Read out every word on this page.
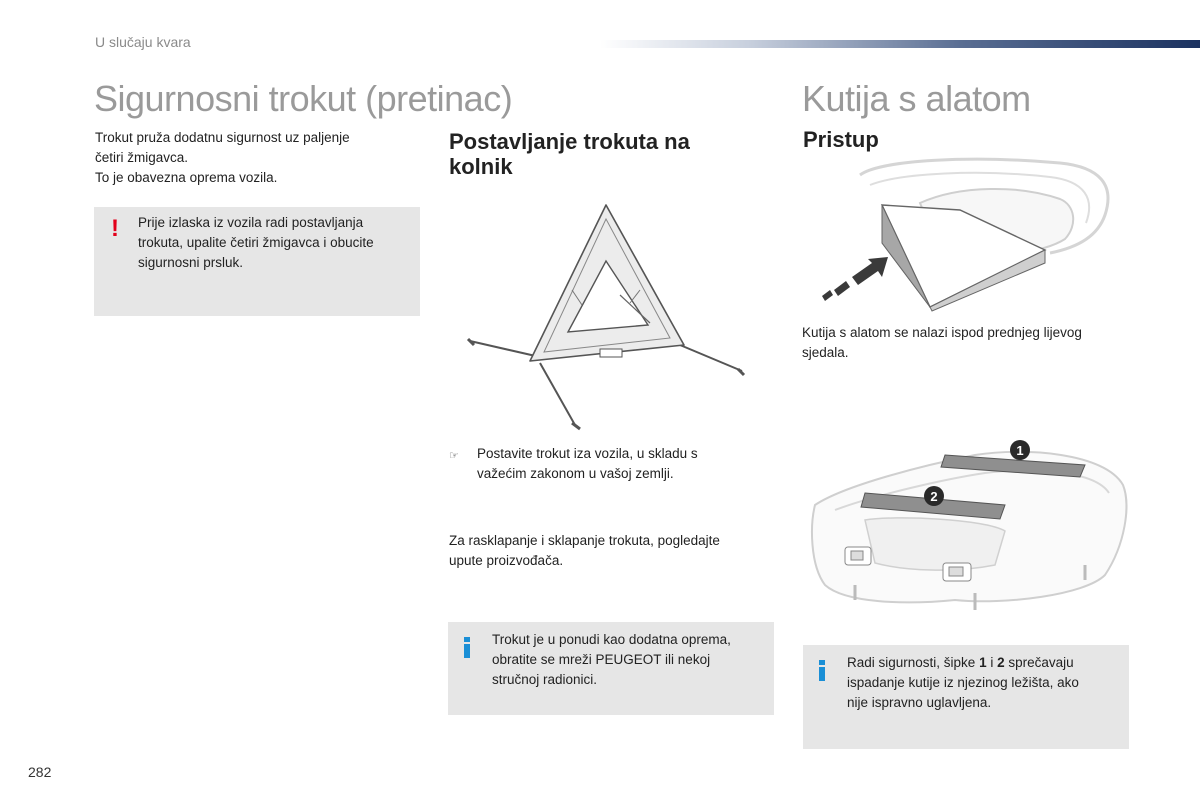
U slučaju kvara
Sigurnosni trokut (pretinac)
Trokut pruža dodatnu sigurnost uz paljenje
četiri žmigavca.
To je obavezna oprema vozila.
! Prije izlaska iz vozila radi postavljanja
trokuta, upalite četiri žmigavca i obucite
sigurnosni prsluk.
Postavljanje trokuta na
kolnik
☞ Postavite trokut iza vozila, u skladu s
važećim zakonom u vašoj zemlji.
Za rasklapanje i sklapanje trokuta, pogledajte
upute proizvođača.
Trokut je u ponudi kao dodatna oprema,
obratite se mreži PEUGEOT ili nekoj
stručnoj radionici.
Kutija s alatom
Pristup
Kutija s alatom se nalazi ispod prednjeg lijevog
sjedala.
1
2
Radi sigurnosti, šipke 1 i 2 sprečavaju
ispadanje kutije iz njezinog ležišta, ako
nije ispravno uglavljena.
282
